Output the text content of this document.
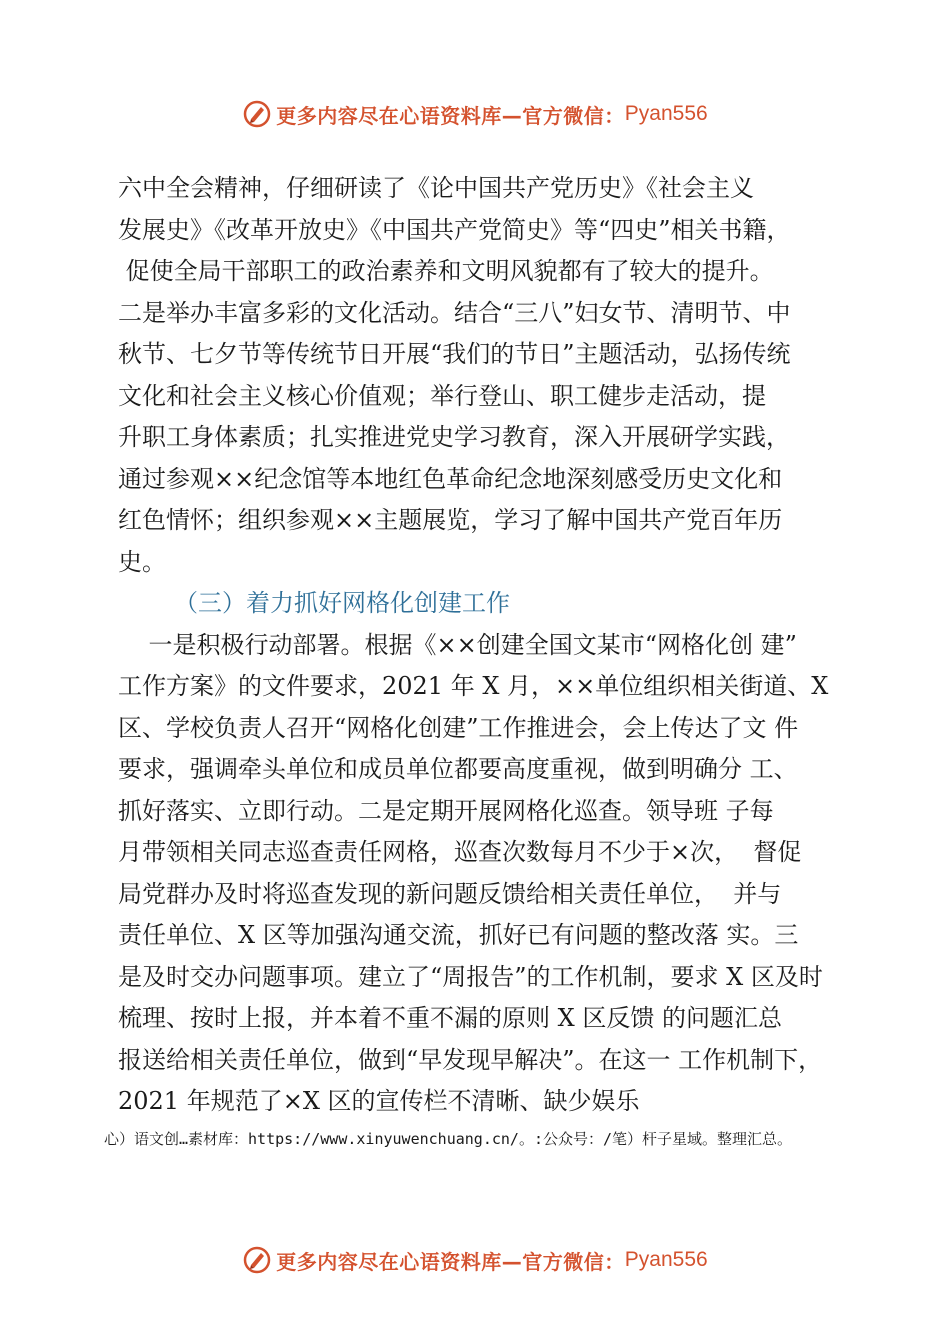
更多内容尽在心语资料库—官方微信： Pyan556
六中全会精神，仔细研读了《论中国共产党历史》《社会主义
发展史》《改革开放史》《中国共产党简史》等“四史”相关书籍，
促使全局干部职工的政治素养和文明风貌都有了较大的提升。
二是举办丰富多彩的文化活动。结合“三八”妇女节、清明节、中
秋节、七夕节等传统节日开展“我们的节日”主题活动，弘扬传统
文化和社会主义核心价值观；举行登山、职工健步走活动，提
升职工身体素质；扎实推进党史学习教育，深入开展研学实践，
通过参观××纪念馆等本地红色革命纪念地深刻感受历史文化和
红色情怀；组织参观××主题展览，学习了解中国共产党百年历
史。
（三）着力抓好网格化创建工作
一是积极行动部署。根据《××创建全国文某市“网格化创 建”
工作方案》的文件要求，2021 年 X 月，××单位组织相关街道、X
区、学校负责人召开“网格化创建”工作推进会，会上传达了文 件
要求，强调牵头单位和成员单位都要高度重视，做到明确分 工、
抓好落实、立即行动。二是定期开展网格化巡查。领导班 子每
月带领相关同志巡查责任网格，巡查次数每月不少于×次，  督促
局党群办及时将巡查发现的新问题反馈给相关责任单位，  并与
责任单位、X 区等加强沟通交流，抓好已有问题的整改落 实。三
是及时交办问题事项。建立了“周报告”的工作机制，要求 X 区及时
梳理、按时上报，并本着不重不漏的原则 X 区反馈 的问题汇总
报送给相关责任单位，做到“早发现早解决”。在这一 工作机制下，
2021 年规范了×X 区的宣传栏不清晰、缺少娱乐
心）语文创…素材库：https://www.xinyuwenchuang.cn/。:公众号：/笔）杆子星域。整理汇总。
更多内容尽在心语资料库—官方微信： Pyan556
